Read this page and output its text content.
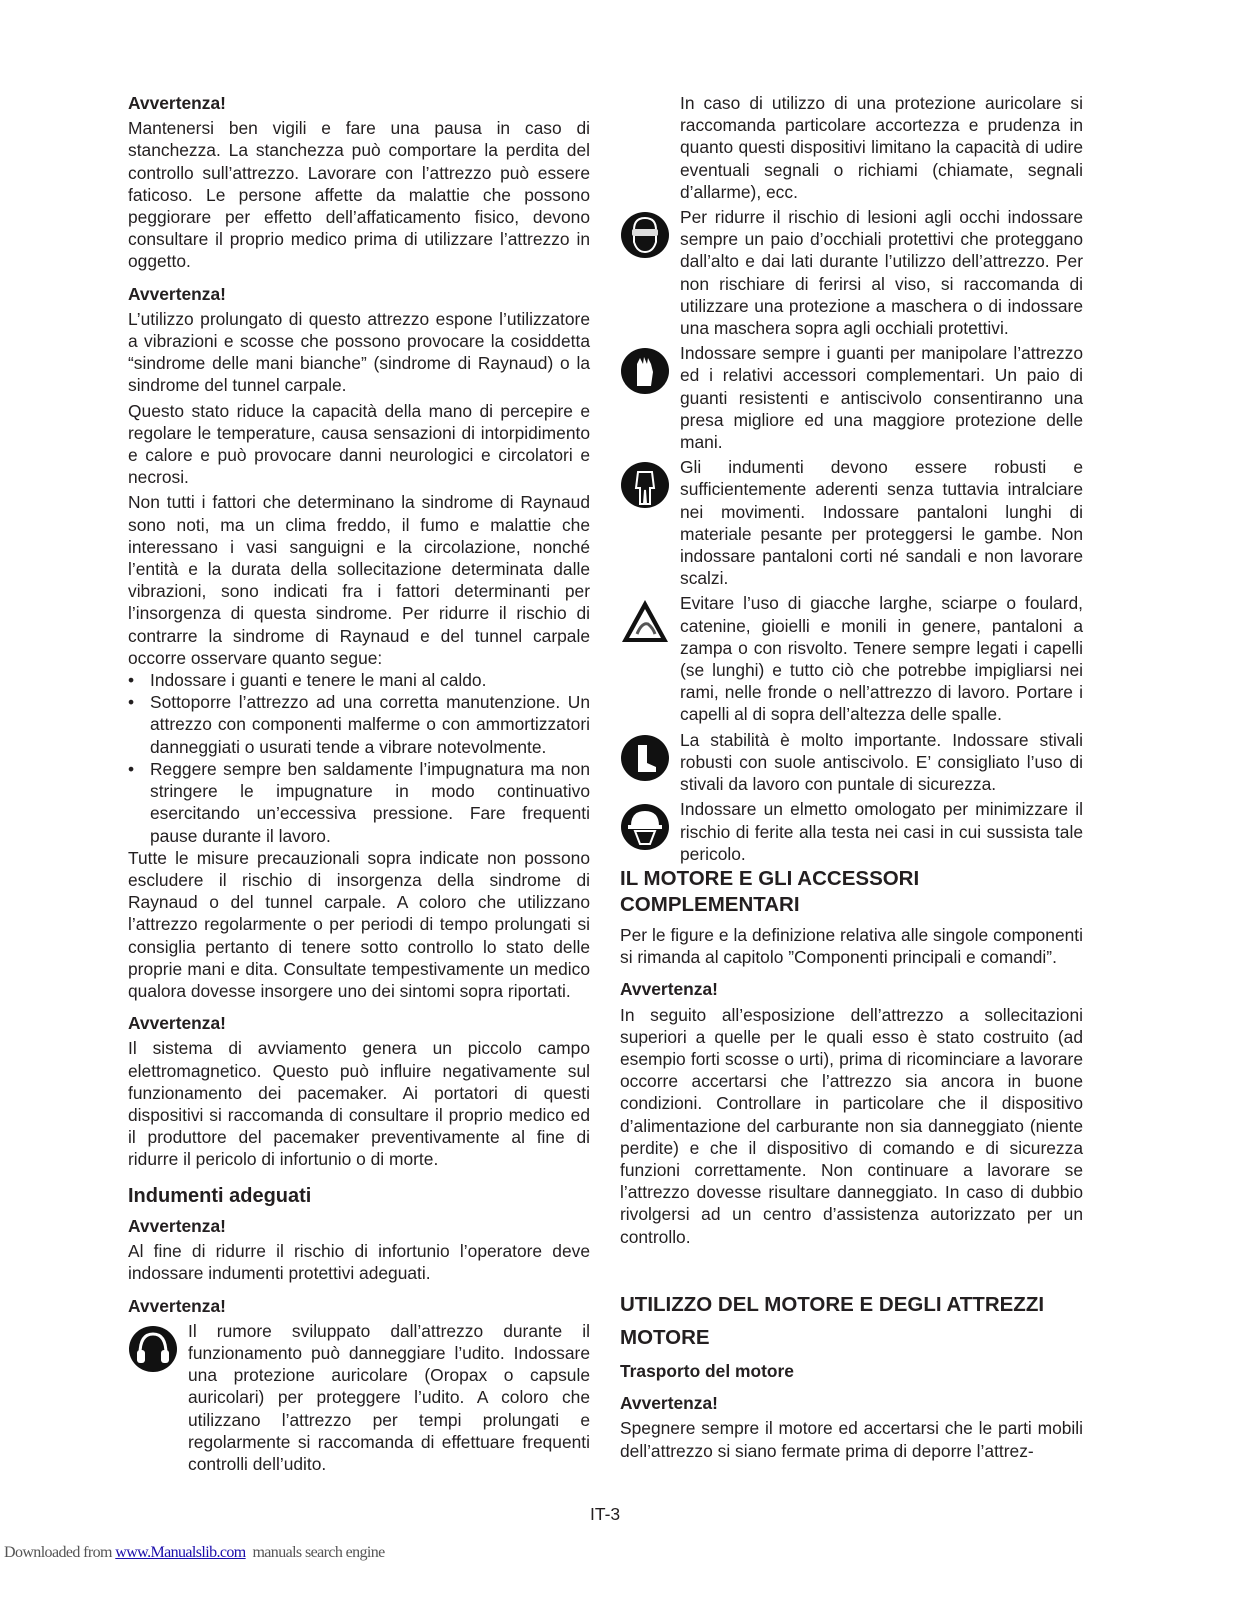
Avvertenza!

Mantenersi ben vigili e fare una pausa in caso di stanchezza. La stanchezza può comportare la perdita del controllo sull’attrezzo. Lavorare con l’attrezzo può essere faticoso. Le persone affette da malattie che possono peggiorare per effetto dell’affaticamento fisico, devono consultare il proprio medico prima di utilizzare l’attrezzo in oggetto.

Avvertenza!

L’utilizzo prolungato di questo attrezzo espone l’utilizzatore a vibrazioni e scosse che possono provocare la cosiddetta “sindrome delle mani bianche” (sindrome di Raynaud) o la sindrome del tunnel carpale.

Questo stato riduce la capacità della mano di percepire e regolare le temperature, causa sensazioni di intorpidimento e calore e può provocare danni neurologici e circolatori e necrosi.

Non tutti i fattori che determinano la sindrome di Raynaud sono noti, ma un clima freddo, il fumo e malattie che interessano i vasi sanguigni e la circolazione, nonché l’entità e la durata della sollecitazione determinata dalle vibrazioni, sono indicati fra i fattori determinanti per l’insorgenza di questa sindrome. Per ridurre il rischio di contrarre la sindrome di Raynaud e del tunnel carpale occorre osservare quanto segue:

• Indossare i guanti e tenere le mani al caldo.
• Sottoporre l’attrezzo ad una corretta manutenzione. Un attrezzo con componenti malferme o con ammortizzatori danneggiati o usurati tende a vibrare notevolmente.
• Reggere sempre ben saldamente l’impugnatura ma non stringere le impugnature in modo continuativo esercitando un’eccessiva pressione. Fare frequenti pause durante il lavoro.

Tutte le misure precauzionali sopra indicate non possono escludere il rischio di insorgenza della sindrome di Raynaud o del tunnel carpale. A coloro che utilizzano l’attrezzo regolarmente o per periodi di tempo prolungati si consiglia pertanto di tenere sotto controllo lo stato delle proprie mani e dita. Consultate tempestivamente un medico qualora dovesse insorgere uno dei sintomi sopra riportati.

Avvertenza!

Il sistema di avviamento genera un piccolo campo elettromagnetico. Questo può influire negativamente sul funzionamento dei pacemaker. Ai portatori di questi dispositivi si raccomanda di consultare il proprio medico ed il produttore del pacemaker preventivamente al fine di ridurre il pericolo di infortunio o di morte.

Indumenti adeguati
Avvertenza!

Al fine di ridurre il rischio di infortunio l’operatore deve indossare indumenti protettivi adeguati.

Avvertenza!

Il rumore sviluppato dall’attrezzo durante il funzionamento può danneggiare l’udito. Indossare una protezione auricolare (Oropax o capsule auricolari) per proteggere l’udito. A coloro che utilizzano l’attrezzo per tempi prolungati e regolarmente si raccomanda di effettuare frequenti controlli dell’udito.

In caso di utilizzo di una protezione auricolare si raccomanda particolare accortezza e prudenza in quanto questi dispositivi limitano la capacità di udire eventuali segnali o richiami (chiamate, segnali d’allarme), ecc.

Per ridurre il rischio di lesioni agli occhi indossare sempre un paio d’occhiali protettivi che proteggano dall’alto e dai lati durante l’utilizzo dell’attrezzo. Per non rischiare di ferirsi al viso, si raccomanda di utilizzare una protezione a maschera o di indossare una maschera sopra agli occhiali protettivi.

Indossare sempre i guanti per manipolare l’attrezzo ed i relativi accessori complementari. Un paio di guanti resistenti e antiscivolo consentiranno una presa migliore ed una maggiore protezione delle mani.

Gli indumenti devono essere robusti e sufficientemente aderenti senza tuttavia intralciare nei movimenti. Indossare pantaloni lunghi di materiale pesante per proteggersi le gambe. Non indossare pantaloni corti né sandali e non lavorare scalzi.

Evitare l’uso di giacche larghe, sciarpe o foulard, catenine, gioielli e monili in genere, pantaloni a zampa o con risvolto. Tenere sempre legati i capelli (se lunghi) e tutto ciò che potrebbe impigliarsi nei rami, nelle fronde o nell’attrezzo di lavoro. Portare i capelli al di sopra dell’altezza delle spalle.

La stabilità è molto importante. Indossare stivali robusti con suole antiscivolo. E’ consigliato l’uso di stivali da lavoro con puntale di sicurezza.

Indossare un elmetto omologato per minimizzare il rischio di ferite alla testa nei casi in cui sussista tale pericolo.

IL MOTORE E GLI ACCESSORI COMPLEMENTARI

Per le figure e la definizione relativa alle singole componenti si rimanda al capitolo ”Componenti principali e comandi”.

Avvertenza!

In seguito all’esposizione dell’attrezzo a sollecitazioni superiori a quelle per le quali esso è stato costruito (ad esempio forti scosse o urti), prima di ricominciare a lavorare occorre accertarsi che l’attrezzo sia ancora in buone condizioni. Controllare in particolare che il dispositivo d’alimentazione del carburante non sia danneggiato (niente perdite) e che il dispositivo di comando e di sicurezza funzioni correttamente. Non continuare a lavorare se l’attrezzo dovesse risultare danneggiato. In caso di dubbio rivolgersi ad un centro d’assistenza autorizzato per un controllo.

UTILIZZO DEL MOTORE E DEGLI ATTREZZI MOTORE
Trasporto del motore
Avvertenza!

Spegnere sempre il motore ed accertarsi che le parti mobili dell’attrezzo si siano fermate prima di deporre l’attrez-

IT-3
Downloaded from www.Manualslib.com  manuals search engine
